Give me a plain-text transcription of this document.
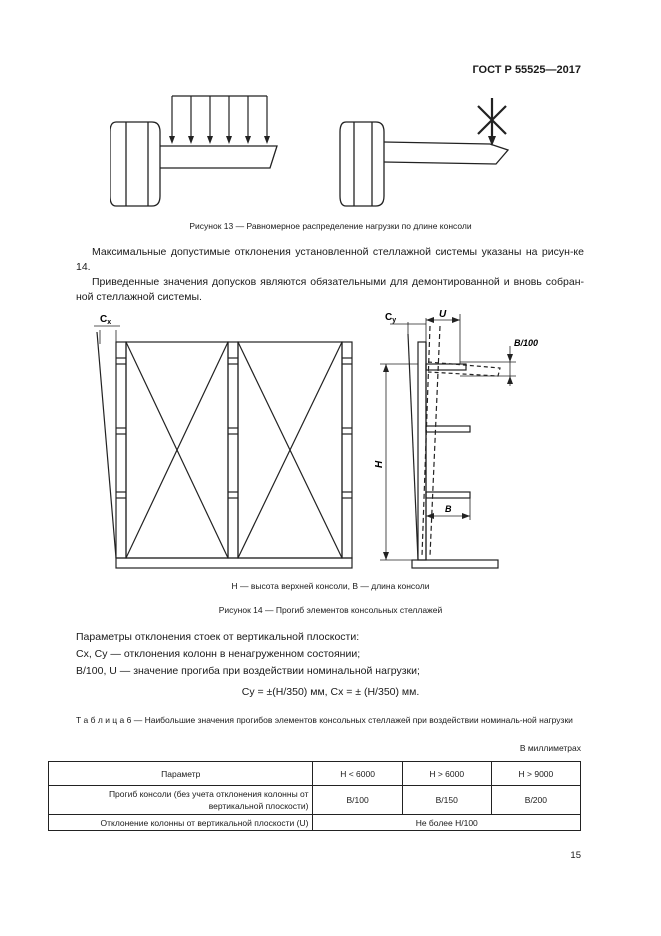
ГОСТ Р 55525—2017
Рисунок 13 — Равномерное распределение нагрузки по длине консоли

Максимальные допустимые отклонения установленной стеллажной системы указаны на рисун-ке 14.

Приведенные значения допусков являются обязательными для демонтированной и вновь собран-ной стеллажной системы.

$C_x$	$C_y$
U
B/100
H
B
H — высота верхней консоли, B — длина консоли
Рисунок 14 — Прогиб элементов консольных стеллажей
Параметры отклонения стоек от вертикальной плоскости:
Cx, Cy — отклонения колонн в ненагруженном состоянии;
B/100, U — значение прогиба при воздействии номинальной нагрузки;
Cy = ±(H/350) мм, Cx = ± (H/350) мм.
Т а б л и ц а 6 — Наибольшие значения прогибов элементов консольных стеллажей при воздействии номиналь-ной нагрузки
В миллиметрах
Параметр	H < 6000	H > 6000	H > 9000
Прогиб консоли (без учета отклонения колонны от вертикальной плоскости)	B/100	B/150	B/200
Отклонение колонны от вертикальной плоскости (U)	Не более H/100		
15
